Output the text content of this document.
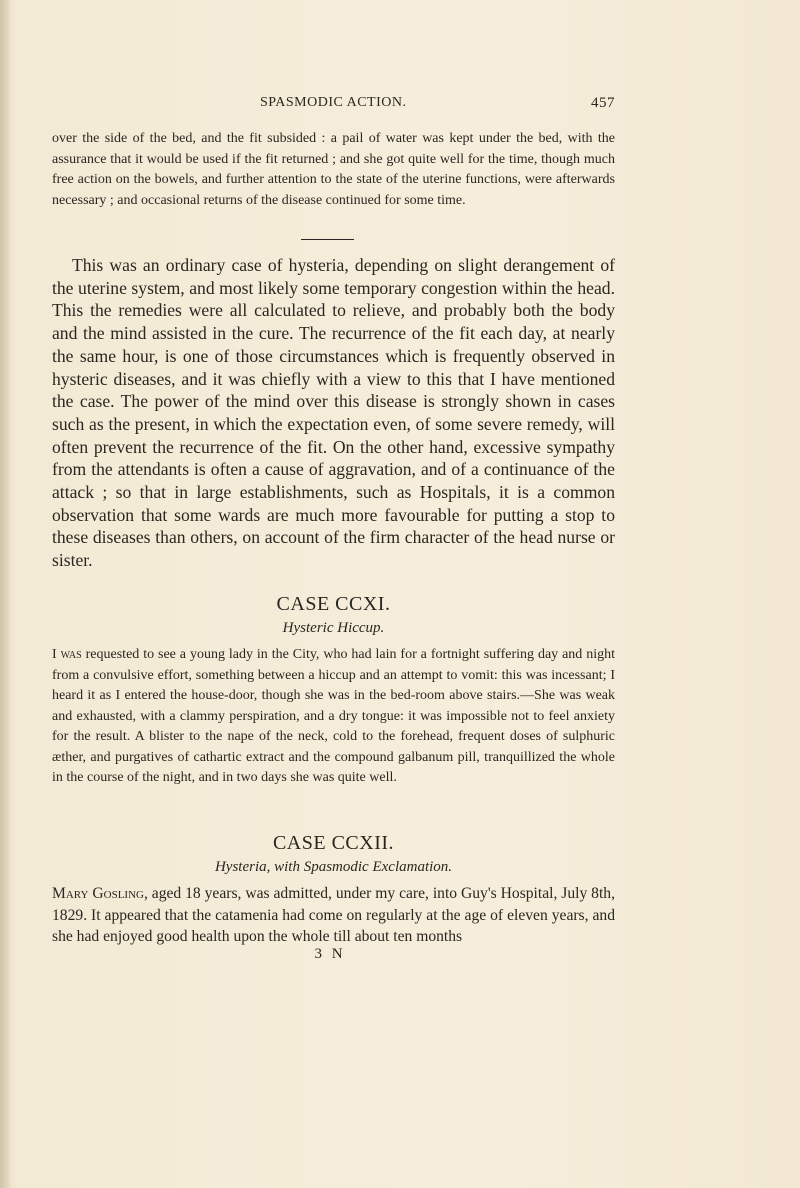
SPASMODIC ACTION.	457

over the side of the bed, and the fit subsided : a pail of water was kept under the bed, with the assurance that it would be used if the fit returned ; and she got quite well for the time, though much free action on the bowels, and further attention to the state of the uterine functions, were afterwards necessary ; and occasional returns of the disease continued for some time.

This was an ordinary case of hysteria, depending on slight derangement of the uterine system, and most likely some temporary congestion within the head. This the remedies were all calculated to relieve, and probably both the body and the mind assisted in the cure. The recurrence of the fit each day, at nearly the same hour, is one of those circumstances which is frequently observed in hysteric diseases, and it was chiefly with a view to this that I have mentioned the case. The power of the mind over this disease is strongly shown in cases such as the present, in which the expectation even, of some severe remedy, will often prevent the recurrence of the fit. On the other hand, excessive sympathy from the attendants is often a cause of aggravation, and of a continuance of the attack ; so that in large establishments, such as Hospitals, it is a common observation that some wards are much more favourable for putting a stop to these diseases than others, on account of the firm character of the head nurse or sister.

CASE CCXI.
Hysteric Hiccup.

I was requested to see a young lady in the City, who had lain for a fortnight suffering day and night from a convulsive effort, something between a hiccup and an attempt to vomit: this was incessant; I heard it as I entered the house-door, though she was in the bed-room above stairs.—She was weak and exhausted, with a clammy perspiration, and a dry tongue: it was impossible not to feel anxiety for the result. A blister to the nape of the neck, cold to the forehead, frequent doses of sulphuric æther, and purgatives of cathartic extract and the compound galbanum pill, tranquillized the whole in the course of the night, and in two days she was quite well.

CASE CCXII.
Hysteria, with Spasmodic Exclamation.

Mary Gosling, aged 18 years, was admitted, under my care, into Guy's Hospital, July 8th, 1829. It appeared that the catamenia had come on regularly at the age of eleven years, and she had enjoyed good health upon the whole till about ten months

3 N
